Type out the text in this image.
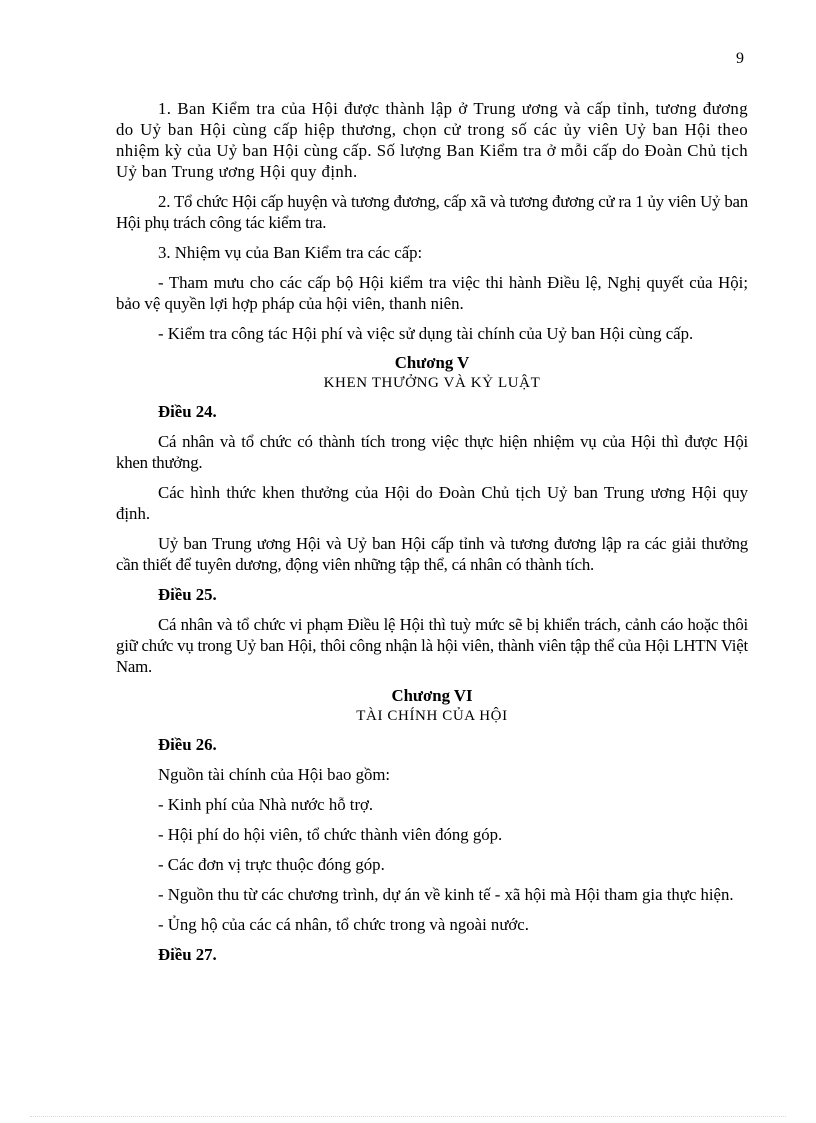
9

1. Ban Kiểm tra của Hội được thành lập ở Trung ương và cấp tỉnh, tương đương do Uỷ ban Hội cùng cấp hiệp thương, chọn cử trong số các ủy viên Uỷ ban Hội theo nhiệm kỳ của Uỷ ban Hội cùng cấp. Số lượng Ban Kiểm tra ở mỗi cấp do Đoàn Chủ tịch Uỷ ban Trung ương Hội quy định.

2. Tổ chức Hội cấp huyện và tương đương, cấp xã và tương đương cử ra 1 ủy viên Uỷ ban Hội phụ trách công tác kiểm tra.

3. Nhiệm vụ của Ban Kiểm tra các cấp:

- Tham mưu cho các cấp bộ Hội kiểm tra việc thi hành Điều lệ, Nghị quyết của Hội; bảo vệ quyền lợi hợp pháp của hội viên, thanh niên.

- Kiểm tra công tác Hội phí và việc sử dụng tài chính của Uỷ ban Hội cùng cấp.

Chương V
KHEN THƯỞNG VÀ KỶ LUẬT
Điều 24.

Cá nhân và tổ chức có thành tích trong việc thực hiện nhiệm vụ của Hội thì được Hội khen thưởng.

Các hình thức khen thưởng của Hội do Đoàn Chủ tịch Uỷ ban Trung ương Hội quy định.

Uỷ ban Trung ương Hội và Uỷ ban Hội cấp tỉnh và tương đương lập ra các giải thưởng cần thiết để tuyên dương, động viên những tập thể, cá nhân có thành tích.

Điều 25.

Cá nhân và tổ chức vi phạm Điều lệ Hội thì tuỳ mức sẽ bị khiển trách, cảnh cáo hoặc thôi giữ chức vụ trong Uỷ ban Hội, thôi công nhận là hội viên, thành viên tập thể của Hội LHTN Việt Nam.

Chương VI
TÀI CHÍNH CỦA HỘI
Điều 26.

Nguồn tài chính của Hội bao gồm:

- Kinh phí của Nhà nước hỗ trợ.

- Hội phí do hội viên, tổ chức thành viên đóng góp.

- Các đơn vị trực thuộc đóng góp.

- Nguồn thu từ các chương trình, dự án về kinh tế - xã hội mà Hội tham gia thực hiện.

- Ủng hộ của các cá nhân, tổ chức trong và ngoài nước.

Điều 27.
